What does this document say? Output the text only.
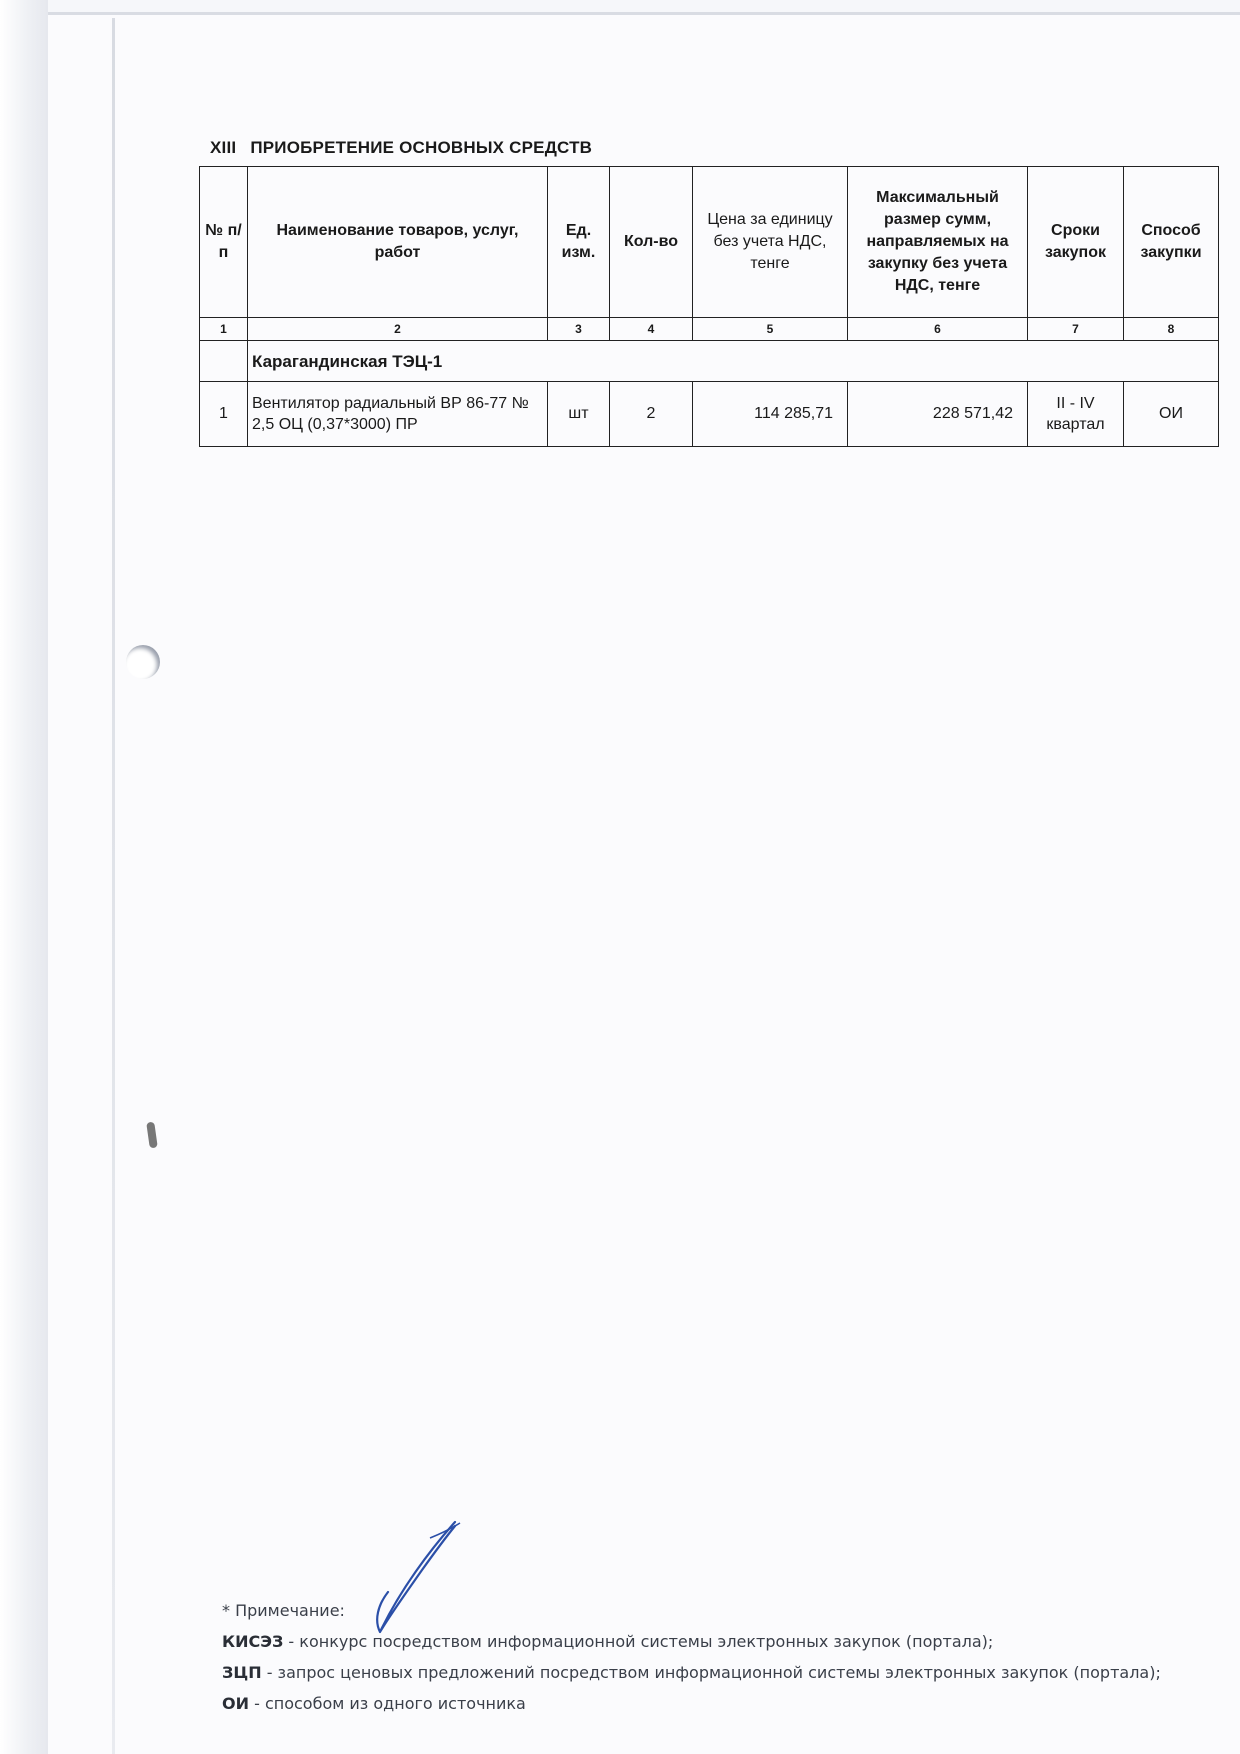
XIII ПРИОБРЕТЕНИЕ ОСНОВНЫХ СРЕДСТВ
№ п/п	Наименование товаров, услуг, работ	Ед. изм.	Кол-во	Цена за единицу без учета НДС, тенге	Максимальный размер сумм, направляемых на закупку без учета НДС, тенге	Сроки закупок	Способ закупки
1	2	3	4	5	6	7	8
	Карагандинская ТЭЦ-1						
1	Вентилятор радиальный ВР 86-77 № 2,5 ОЦ (0,37*3000) ПР	шт	2	114 285,71	228 571,42	II - IV квартал	ОИ
* Примечание:
КИСЭЗ - конкурс посредством информационной системы электронных закупок (портала);
ЗЦП - запрос ценовых предложений посредством информационной системы электронных закупок (портала);
ОИ - способом из одного источника
